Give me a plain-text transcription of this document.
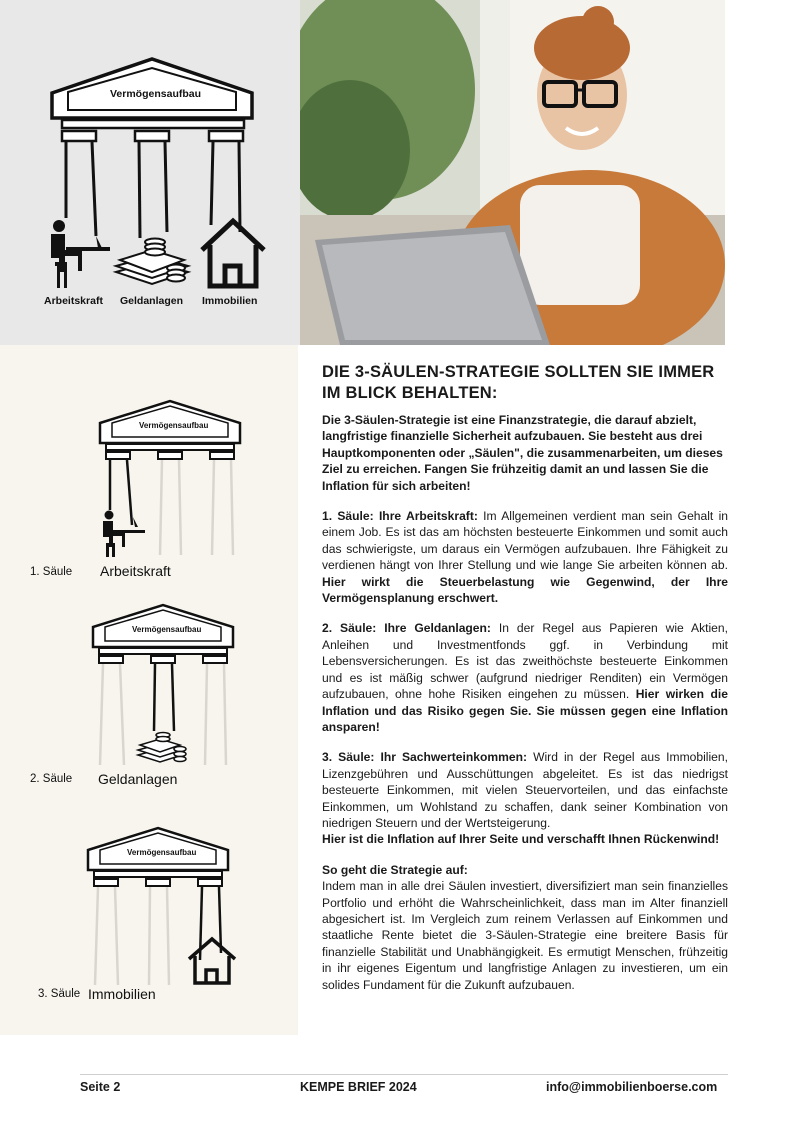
Vermögensaufbau
Arbeitskraft Geldanlagen Immobilien
Vermögensaufbau
Vermögensaufbau
Vermögensaufbau
1. Säule Arbeitskraft
2. Säule Geldanlagen
3. Säule Immobilien
DIE 3-SÄULEN-STRATEGIE SOLLTEN SIE IMMER IM BLICK BEHALTEN:

Die 3-Säulen-Strategie ist eine Finanzstrategie, die darauf abzielt, langfristige finanzielle Sicherheit aufzubauen. Sie besteht aus drei Hauptkomponenten oder „Säulen", die zusammenarbeiten, um dieses Ziel zu erreichen. Fangen Sie frühzeitig damit an und lassen Sie die Inflation für sich arbeiten!

1. Säule: Ihre Arbeitskraft: Im Allgemeinen verdient man sein Gehalt in einem Job. Es ist das am höchsten besteuerte Einkommen und somit auch das schwierigste, um daraus ein Vermögen aufzubauen. Ihre Fähigkeit zu verdienen hängt von Ihrer Stellung und wie lange Sie arbeiten können ab. Hier wirkt die Steuerbelastung wie Gegenwind, der Ihre Vermögensplanung erschwert.

2. Säule: Ihre Geldanlagen: In der Regel aus Papieren wie Aktien, Anleihen und Investmentfonds ggf. in Verbindung mit Lebensversicherungen. Es ist das zweithöchste besteuerte Einkommen und es ist mäßig schwer (aufgrund niedriger Renditen) ein Vermögen aufzubauen, ohne hohe Risiken eingehen zu müssen. Hier wirken die Inflation und das Risiko gegen Sie. Sie müssen gegen eine Inflation ansparen!

3. Säule: Ihr Sachwerteinkommen: Wird in der Regel aus Immobilien, Lizenzgebühren und Ausschüttungen abgeleitet. Es ist das niedrigst besteuerte Einkommen, mit vielen Steuervorteilen, und das einfachste Einkommen, um Wohlstand zu schaffen, dank seiner Kombination von niedrigen Steuern und der Wertsteigerung.
Hier ist die Inflation auf Ihrer Seite und verschafft Ihnen Rückenwind!

So geht die Strategie auf:
Indem man in alle drei Säulen investiert, diversifiziert man sein finanzielles Portfolio und erhöht die Wahrscheinlichkeit, dass man im Alter finanziell abgesichert ist. Im Vergleich zum reinem Verlassen auf Einkommen und staatliche Rente bietet die 3-Säulen-Strategie eine breitere Basis für finanzielle Stabilität und Unabhängigkeit. Es ermutigt Menschen, frühzeitig in ihr eigenes Eigentum und langfristige Anlagen zu investieren, um ein solides Fundament für die Zukunft aufzubauen.

Seite 2	KEMPE BRIEF 2024	info@immobilienboerse.com
